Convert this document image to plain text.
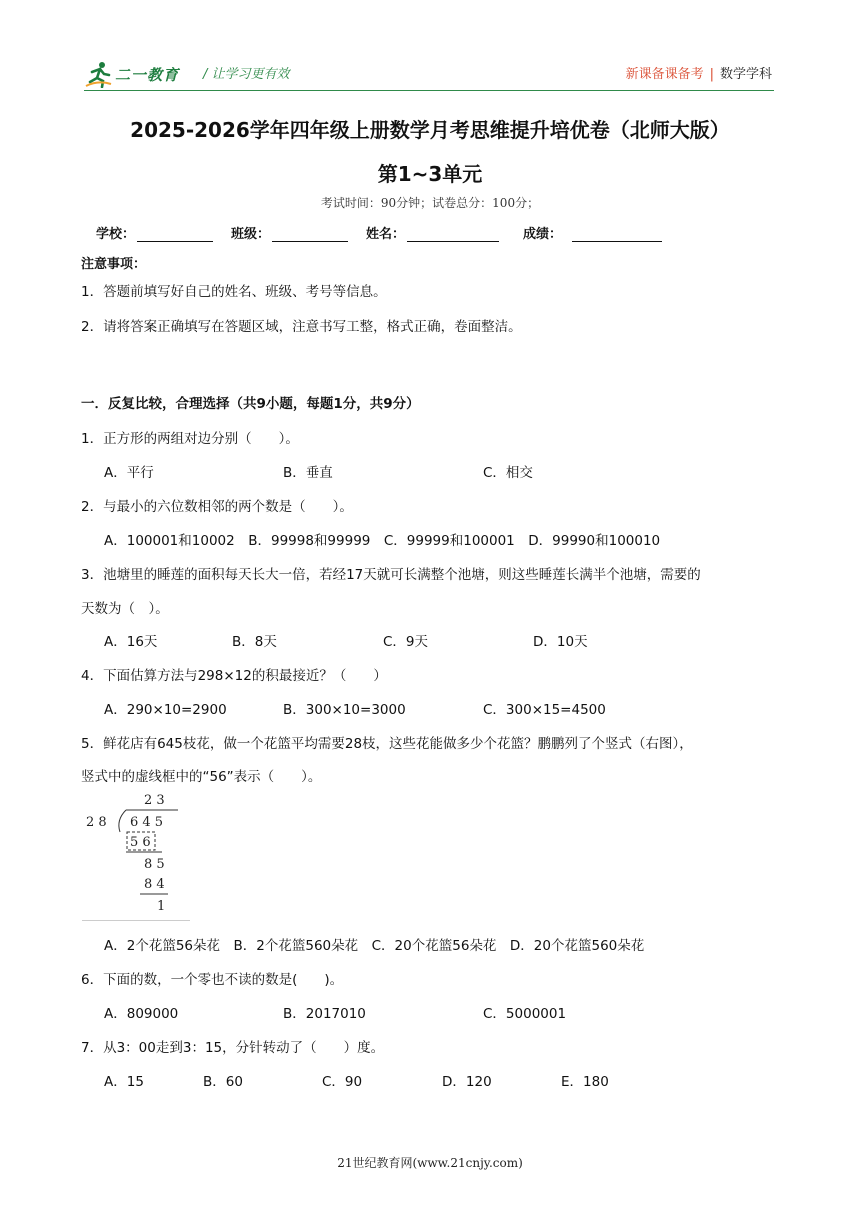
二一教育 / 让学习更有效	新课备课备考 | 数学学科
2025-2026学年四年级上册数学月考思维提升培优卷（北师大版）
第1~3单元
考试时间：90分钟；试卷总分：100分；
学校：	班级：	姓名：	成绩：
注意事项：
1．答题前填写好自己的姓名、班级、考号等信息。
2．请将答案正确填写在答题区域，注意书写工整，格式正确，卷面整洁。
一．反复比较，合理选择（共9小题，每题1分，共9分）
1．正方形的两组对边分别（　　）。
A．平行	B．垂直	C．相交
2．与最小的六位数相邻的两个数是（　　）。
A．100001和10002　B．99998和99999　C．99999和100001　D．99990和100010
3．池塘里的睡莲的面积每天长大一倍，若经17天就可长满整个池塘，则这些睡莲长满半个池塘，需要的
天数为（　）。
A．16天	B．8天	C．9天	D．10天
4．下面估算方法与298×12的积最接近？（　　）
A．290×10=2900	B．300×10=3000	C．300×15=4500
5．鲜花店有645枝花，做一个花篮平均需要28枝，这些花能做多少个花篮？鹏鹏列了个竖式（右图），
竖式中的虚线框中的“56”表示（　　）。
2 3
2 8 6 4 5
5 6
8 5
8 4
1
A．2个花篮56朵花　B．2个花篮560朵花　C．20个花篮56朵花　D．20个花篮560朵花
6．下面的数，一个零也不读的数是(　　)。
A．809000	B．2017010	C．5000001
7．从3：00走到3：15，分针转动了（　　）度。
A．15	B．60	C．90	D．120	E．180
21世纪教育网(www.21cnjy.com)
